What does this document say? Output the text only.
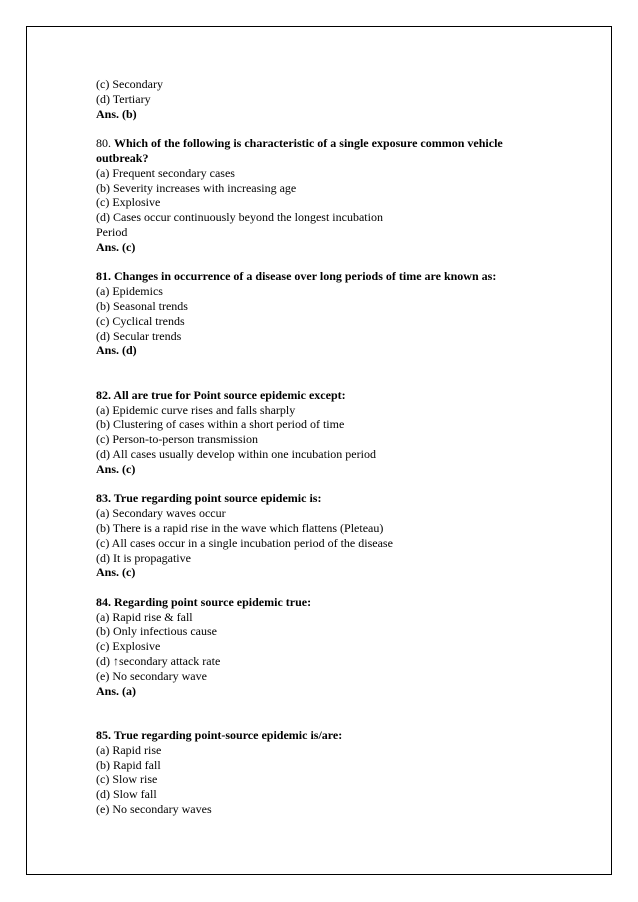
(c) Secondary
(d) Tertiary
Ans. (b)
80. Which of the following is characteristic of a single exposure common vehicle
outbreak?
(a) Frequent secondary cases
(b) Severity increases with increasing age
(c) Explosive
(d) Cases occur continuously beyond the longest incubation
Period
Ans. (c)
81. Changes in occurrence of a disease over long periods of time are known as:
(a) Epidemics
(b) Seasonal trends
(c) Cyclical trends
(d) Secular trends
Ans. (d)
82. All are true for Point source epidemic except:
(a) Epidemic curve rises and falls sharply
(b) Clustering of cases within a short period of time
(c) Person-to-person transmission
(d) All cases usually develop within one incubation period
Ans. (c)
83. True regarding point source epidemic is:
(a) Secondary waves occur
(b) There is a rapid rise in the wave which flattens (Pleteau)
(c) All cases occur in a single incubation period of the disease
(d) It is propagative
Ans. (c)
84. Regarding point source epidemic true:
(a) Rapid rise & fall
(b) Only infectious cause
(c) Explosive
(d) ↑secondary attack rate
(e) No secondary wave
Ans. (a)
85. True regarding point-source epidemic is/are:
(a) Rapid rise
(b) Rapid fall
(c) Slow rise
(d) Slow fall
(e) No secondary waves
